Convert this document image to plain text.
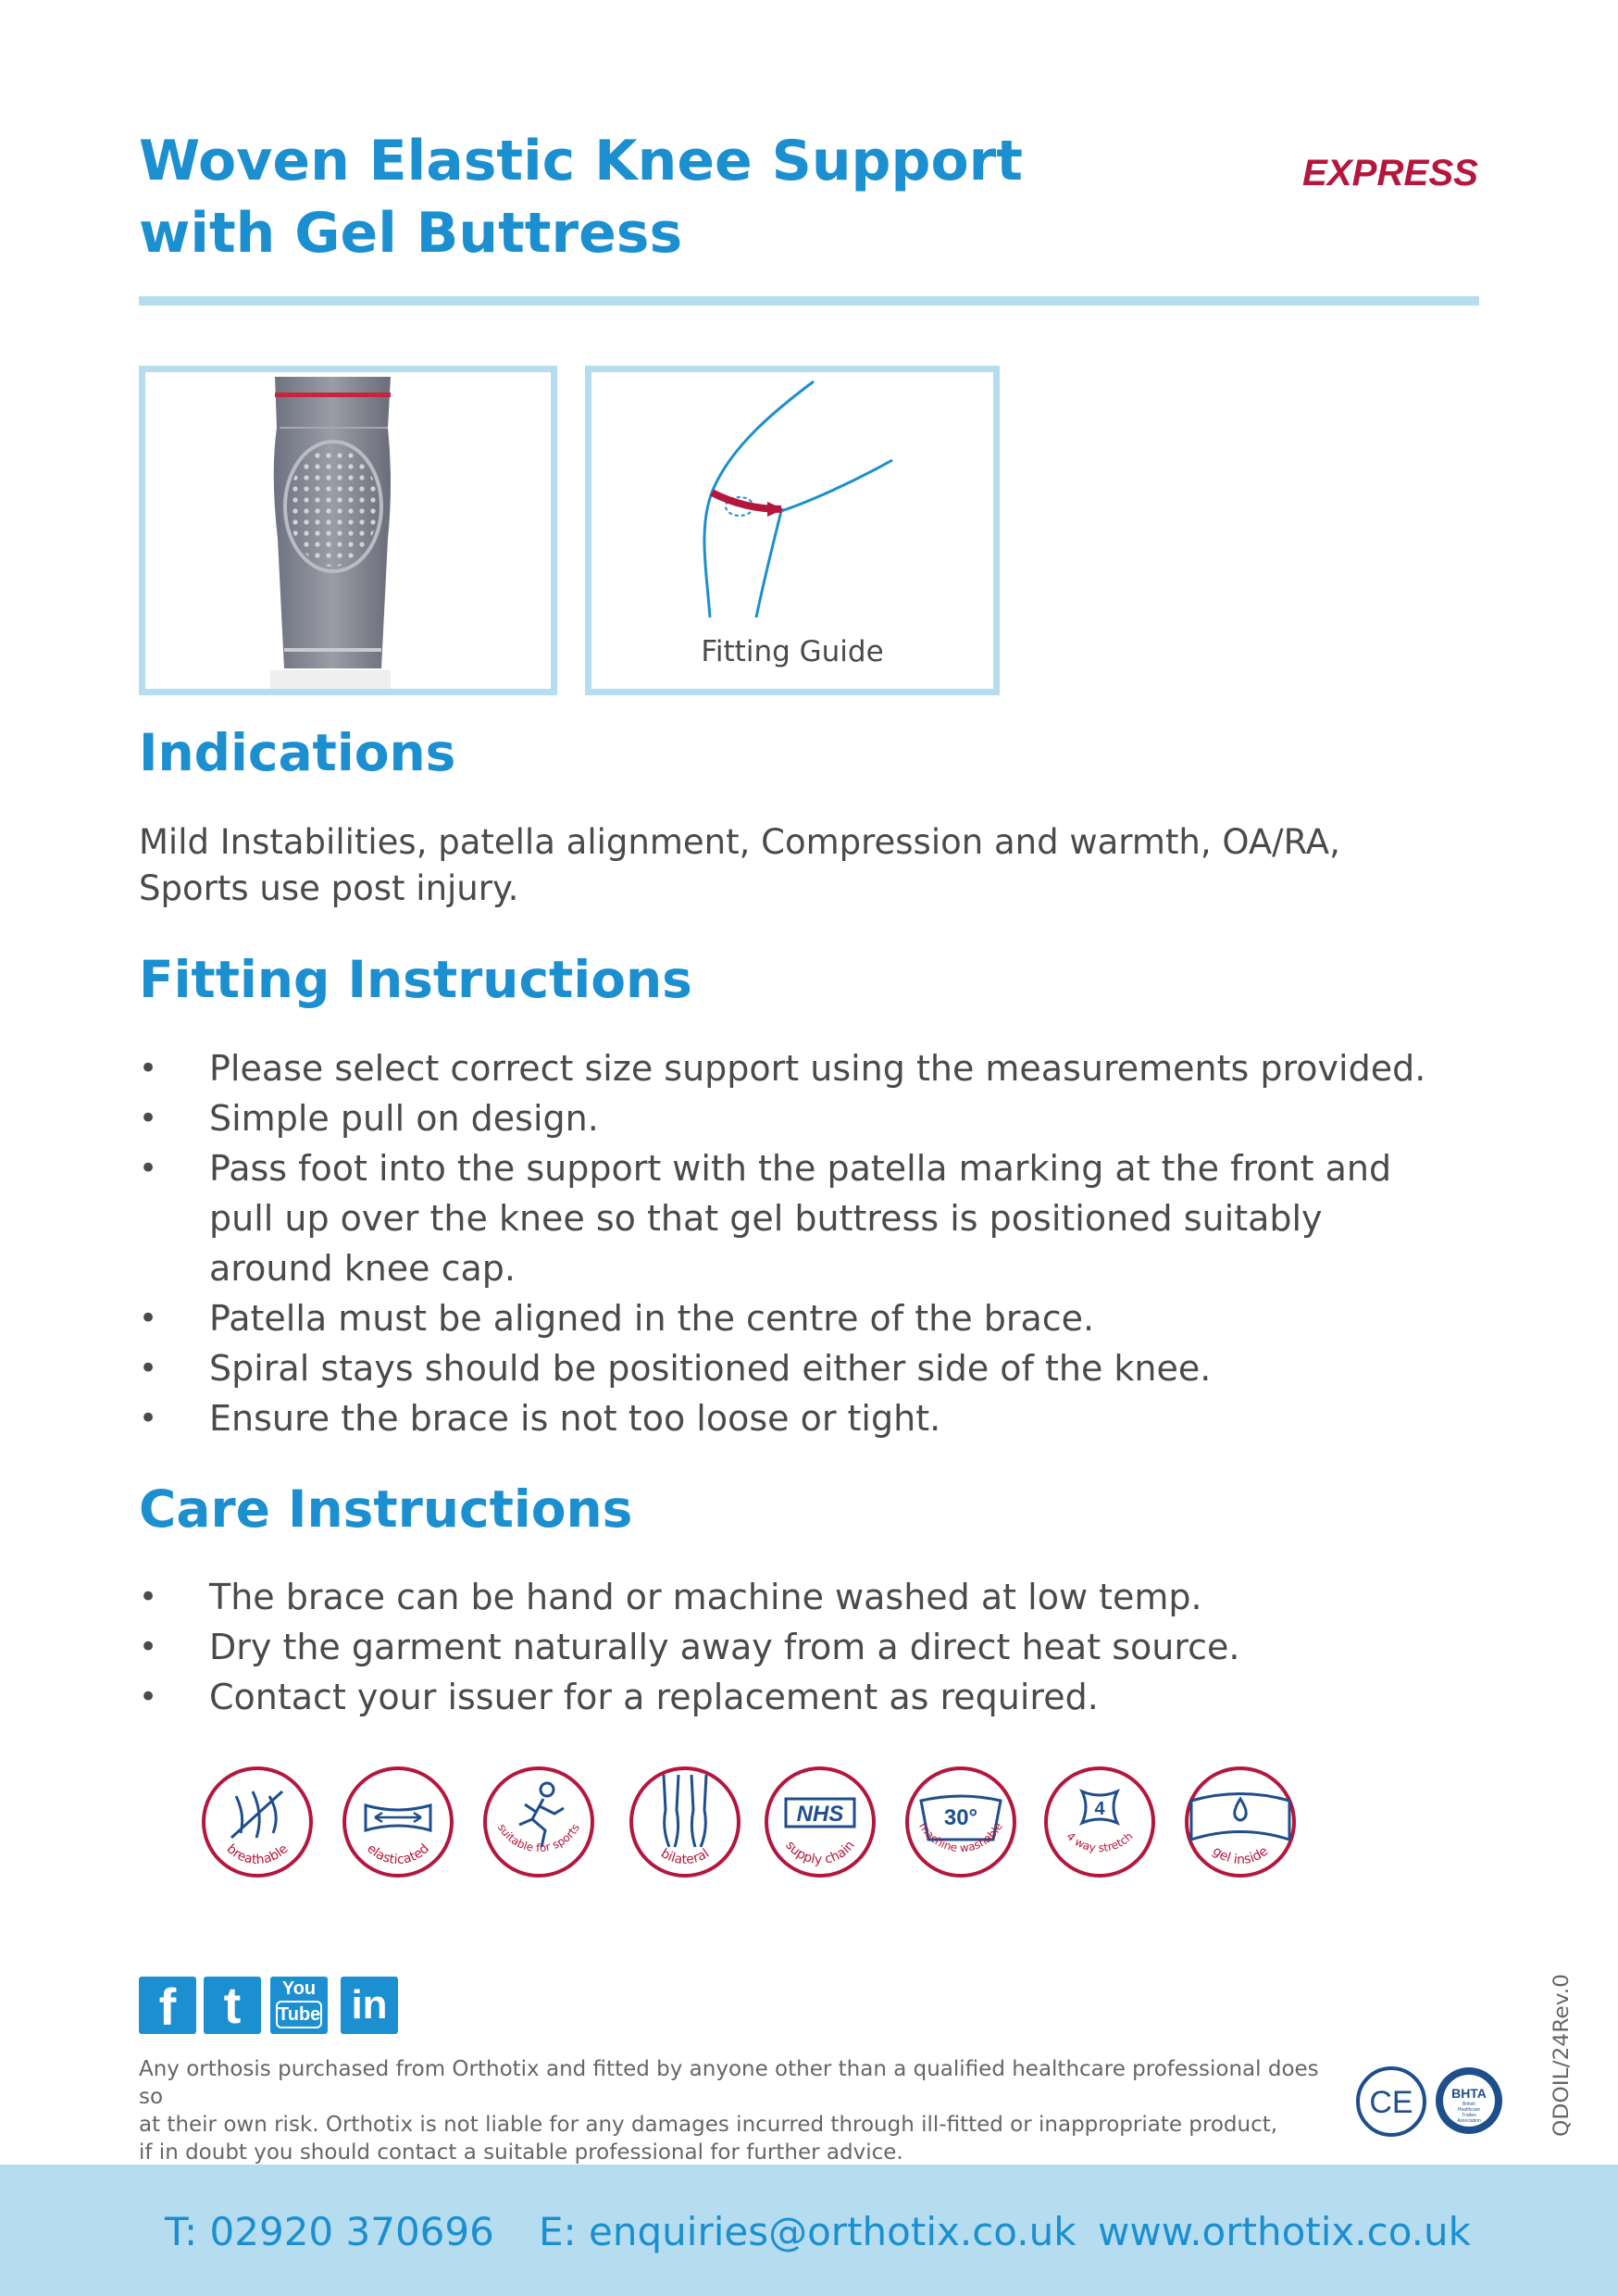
Woven Elastic Knee Support
with Gel Buttress
EXPRESS
Fitting Guide
Indications
Mild Instabilities, patella alignment, Compression and warmth, OA/RA,
Sports use post injury.
Fitting Instructions
• Please select correct size support using the measurements provided.
• Simple pull on design.
• Pass foot into the support with the patella marking at the front and pull up over the knee so that gel buttress is positioned suitably around knee cap.
• Patella must be aligned in the centre of the brace.
• Spiral stays should be positioned either side of the knee.
• Ensure the brace is not too loose or tight.
Care Instructions
• The brace can be hand or machine washed at low temp.
• Dry the garment naturally away from a direct heat source.
• Contact your issuer for a replacement as required.
breathable	elasticated
suitable for sports
bilateral
NHS
supply chain
30°
machine washable
4
4 way stretch
gel inside
f t	You
Tube in
Any orthosis purchased from Orthotix and fitted by anyone other than a qualified healthcare professional does so
at their own risk. Orthotix is not liable for any damages incurred through ill-fitted or inappropriate product,
if in doubt you should contact a suitable professional for further advice.
CE	BHTA
British
Healthcare
Trades
Association	QDOIL/24Rev.0
T: 02920 370696 E: enquiries@orthotix.co.uk www.orthotix.co.uk
